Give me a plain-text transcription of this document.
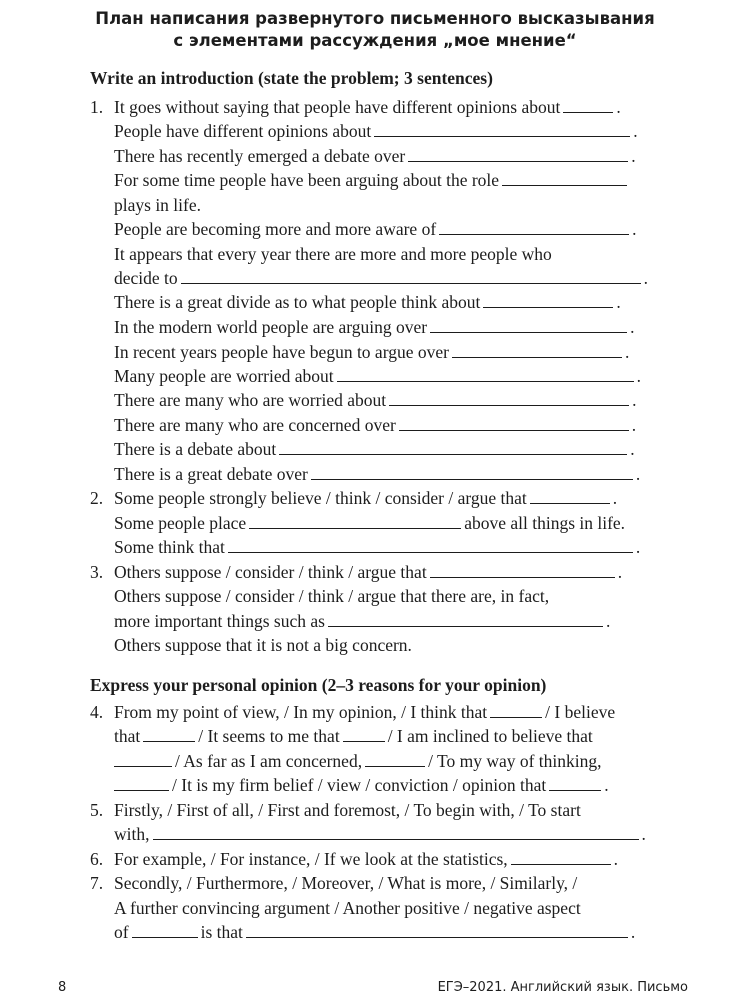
План написания развернутого письменного высказывания
с элементами рассуждения „мое мнение“
Write an introduction (state the problem; 3 sentences)
1. It goes without saying that people have different opinions about	.
People have different opinions about	.
There has recently emerged a debate over	.
For some time people have been arguing about the role
plays in life.
People are becoming more and more aware of	.
It appears that every year there are more and more people who
decide to	.
There is a great divide as to what people think about	.
In the modern world people are arguing over	.
In recent years people have begun to argue over	.
Many people are worried about	.
There are many who are worried about	.
There are many who are concerned over	.
There is a debate about	.
There is a great debate over	.
2. Some people strongly believe / think / consider / argue that	.
Some people place	above all things in life.
Some think that	.
3. Others suppose / consider / think / argue that	.
Others suppose / consider / think / argue that there are, in fact,
more important things such as	.
Others suppose that it is not a big concern.
Express your personal opinion (2–3 reasons for your opinion)
4. From my point of view, / In my opinion, / I think that	/ I believe
that	/ It seems to me that	/ I am inclined to believe that
/ As far as I am concerned,	/ To my way of thinking,
/ It is my firm belief / view / conviction / opinion that	.
5. Firstly, / First of all, / First and foremost, / To begin with, / To start
with,	.
6. For example, / For instance, / If we look at the statistics,	.
7. Secondly, / Furthermore, / Moreover, / What is more, / Similarly, /
A further convincing argument / Another positive / negative aspect
of	is that	.
8	ЕГЭ–2021. Английский язык. Письмо
